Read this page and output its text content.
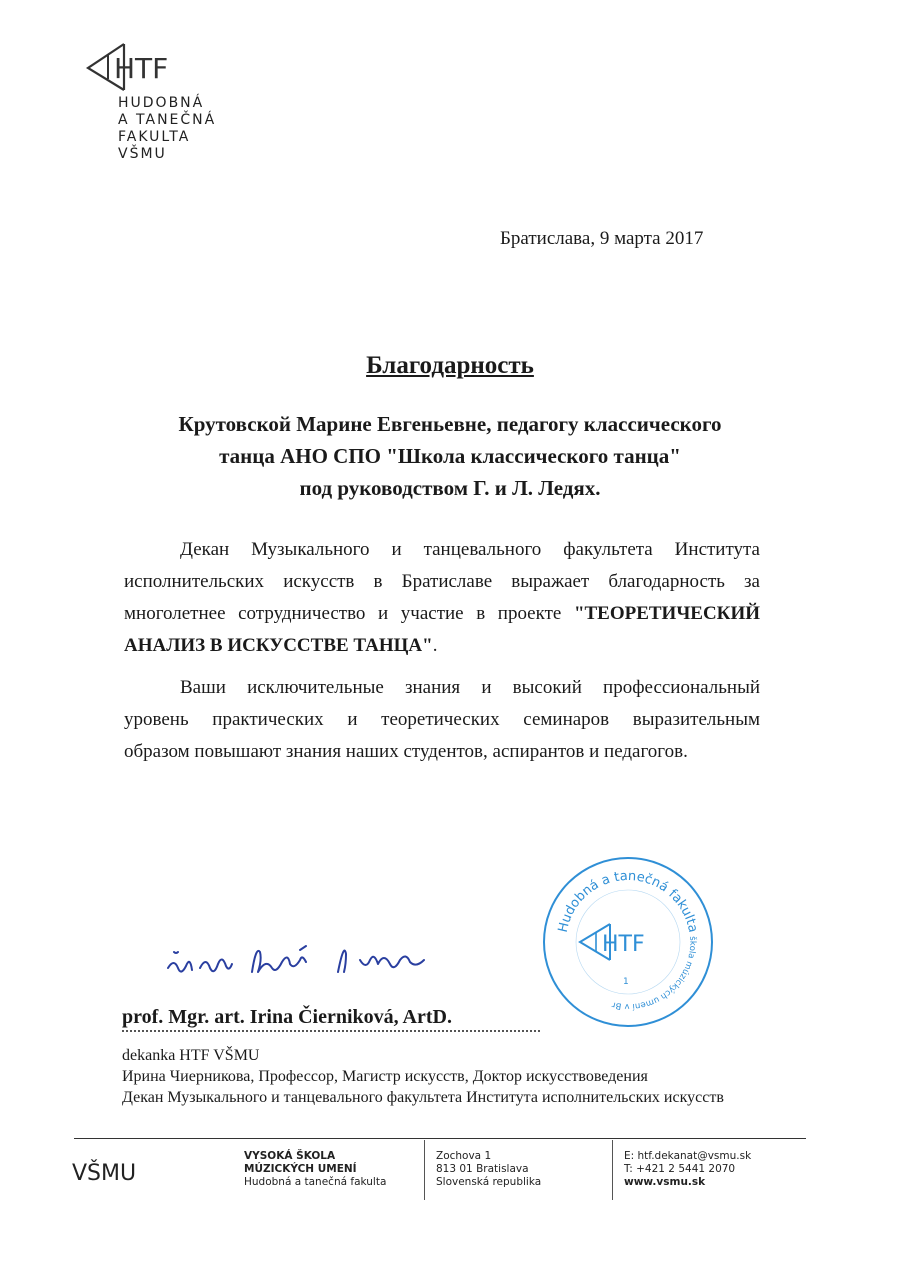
HTF
HUDOBNÁ
A TANEČNÁ
FAKULTA
VŠMU
Братислава, 9 марта 2017
Благодарность
Крутовской Марине Евгеньевне, педагогу классического
танца АНО СПО "Школа классического танца"
под руководством Г. и Л. Ледях.
Декан Музыкального и танцевального факультета Института
исполнительских искусств в Братиславе выражает благодарность за
многолетнее сотрудничество и участие в проекте "ТЕОРЕТИЧЕСКИЙ
АНАЛИЗ В ИСКУССТВЕ ТАНЦА".
Ваши исключительные знания и высокий профессиональный
уровень практических и теоретических семинаров выразительным
образом повышают знания наших студентов, аспирантов и педагогов.
prof. Mgr. art. Irina Čierniková, ArtD.
dekanka HTF VŠMU
Ирина Чиерникова, Профессор, Магистр искусств, Доктор искусствоведения
Декан Музыкального и танцевального факультета Института исполнительских искусств
Hudobná a tanečná fakulta
škola múzických umení v Br
HTF
1
VŠMU
VYSOKÁ ŠKOLA
MÚZICKÝCH UMENÍ
Hudobná a tanečná fakulta
Zochova 1
813 01 Bratislava
Slovenská republika
E: htf.dekanat@vsmu.sk
T: +421 2 5441 2070
www.vsmu.sk
